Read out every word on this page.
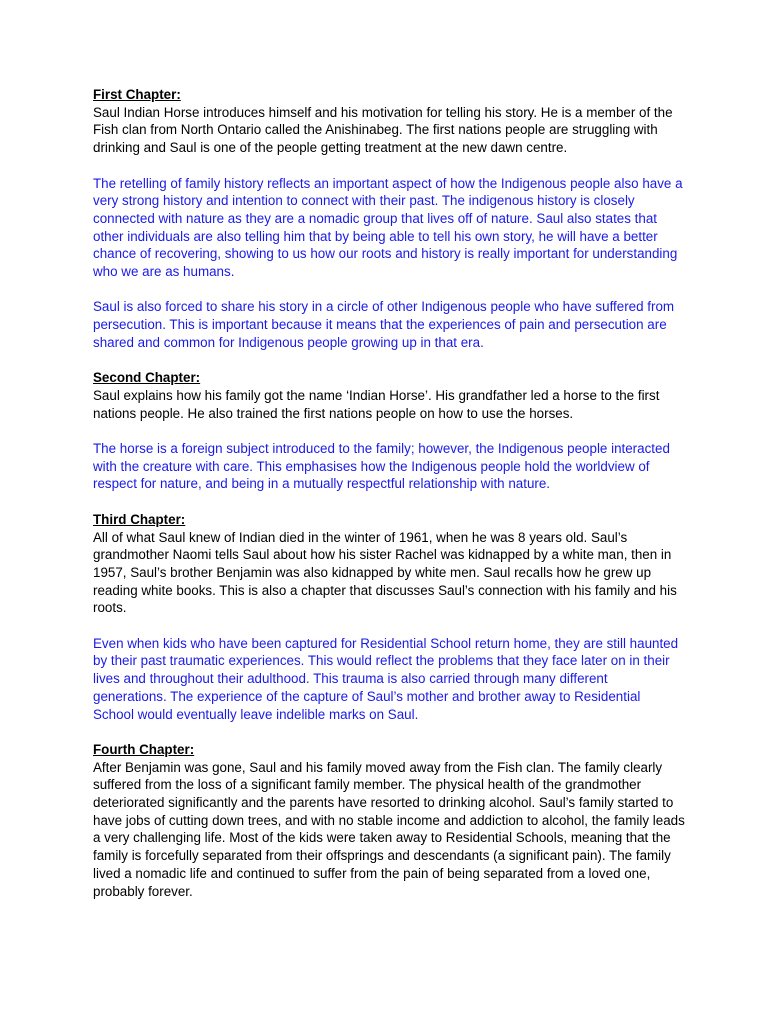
First Chapter:
Saul Indian Horse introduces himself and his motivation for telling his story. He is a member of the Fish clan from North Ontario called the Anishinabeg. The first nations people are struggling with drinking and Saul is one of the people getting treatment at the new dawn centre.
The retelling of family history reflects an important aspect of how the Indigenous people also have a very strong history and intention to connect with their past. The indigenous history is closely connected with nature as they are a nomadic group that lives off of nature. Saul also states that other individuals are also telling him that by being able to tell his own story, he will have a better chance of recovering, showing to us how our roots and history is really important for understanding who we are as humans.
Saul is also forced to share his story in a circle of other Indigenous people who have suffered from persecution. This is important because it means that the experiences of pain and persecution are shared and common for Indigenous people growing up in that era.
Second Chapter:
Saul explains how his family got the name ‘Indian Horse’. His grandfather led a horse to the first nations people. He also trained the first nations people on how to use the horses.
The horse is a foreign subject introduced to the family; however, the Indigenous people interacted with the creature with care. This emphasises how the Indigenous people hold the worldview of respect for nature, and being in a mutually respectful relationship with nature.
Third Chapter:
All of what Saul knew of Indian died in the winter of 1961, when he was 8 years old. Saul’s grandmother Naomi tells Saul about how his sister Rachel was kidnapped by a white man, then in 1957, Saul’s brother Benjamin was also kidnapped by white men. Saul recalls how he grew up reading white books. This is also a chapter that discusses Saul’s connection with his family and his roots.
Even when kids who have been captured for Residential School return home, they are still haunted by their past traumatic experiences. This would reflect the problems that they face later on in their lives and throughout their adulthood. This trauma is also carried through many different generations. The experience of the capture of Saul’s mother and brother away to Residential School would eventually leave indelible marks on Saul.
Fourth Chapter:
After Benjamin was gone, Saul and his family moved away from the Fish clan. The family clearly suffered from the loss of a significant family member. The physical health of the grandmother deteriorated significantly and the parents have resorted to drinking alcohol. Saul’s family started to have jobs of cutting down trees, and with no stable income and addiction to alcohol, the family leads a very challenging life. Most of the kids were taken away to Residential Schools, meaning that the family is forcefully separated from their offsprings and descendants (a significant pain). The family lived a nomadic life and continued to suffer from the pain of being separated from a loved one, probably forever.
